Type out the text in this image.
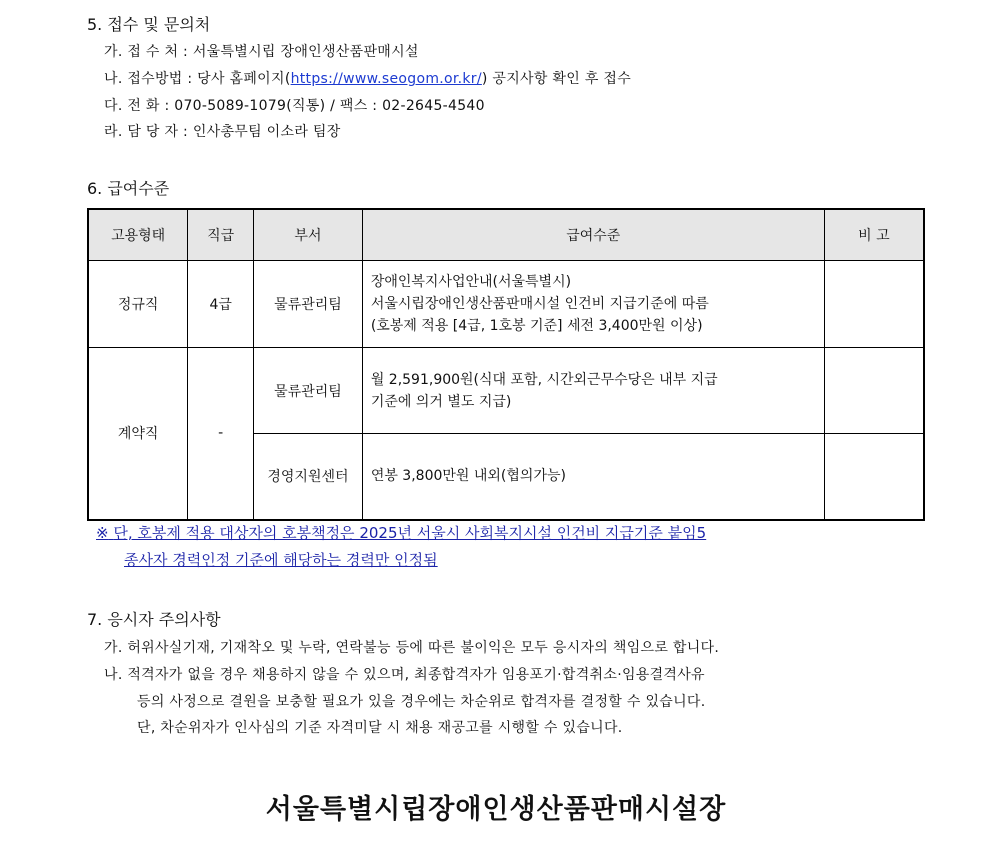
5. 접수 및 문의처
가. 접 수 처 : 서울특별시립 장애인생산품판매시설
나. 접수방법 : 당사 홈페이지(https://www.seogom.or.kr/) 공지사항 확인 후 접수
다. 전 화 : 070-5089-1079(직통) / 팩스 : 02-2645-4540
라. 담 당 자 : 인사총무팀 이소라 팀장
6. 급여수준
고용형태	직급	부서	급여수준	비 고
정규직	4급	물류관리팀	장애인복지사업안내(서울특별시)
서울시립장애인생산품판매시설 인건비 지급기준에 따름
(호봉제 적용 [4급, 1호봉 기준] 세전 3,400만원 이상)	

계약직	-	물류관리팀	월 2,591,900원(식대 포함, 시간외근무수당은 내부 지급
기준에 의거 별도 지급)	

		경영지원센터	연봉 3,800만원 내외(협의가능)	

※ 단, 호봉제 적용 대상자의 호봉책정은 2025년 서울시 사회복지시설 인건비 지급기준 붙임5
종사자 경력인정 기준에 해당하는 경력만 인정됨
7. 응시자 주의사항
가. 허위사실기재, 기재착오 및 누락, 연락불능 등에 따른 불이익은 모두 응시자의 책임으로 합니다.
나. 적격자가 없을 경우 채용하지 않을 수 있으며, 최종합격자가 임용포기·합격취소·임용결격사유
등의 사정으로 결원을 보충할 필요가 있을 경우에는 차순위로 합격자를 결정할 수 있습니다.
단, 차순위자가 인사심의 기준 자격미달 시 채용 재공고를 시행할 수 있습니다.
서울특별시립장애인생산품판매시설장
